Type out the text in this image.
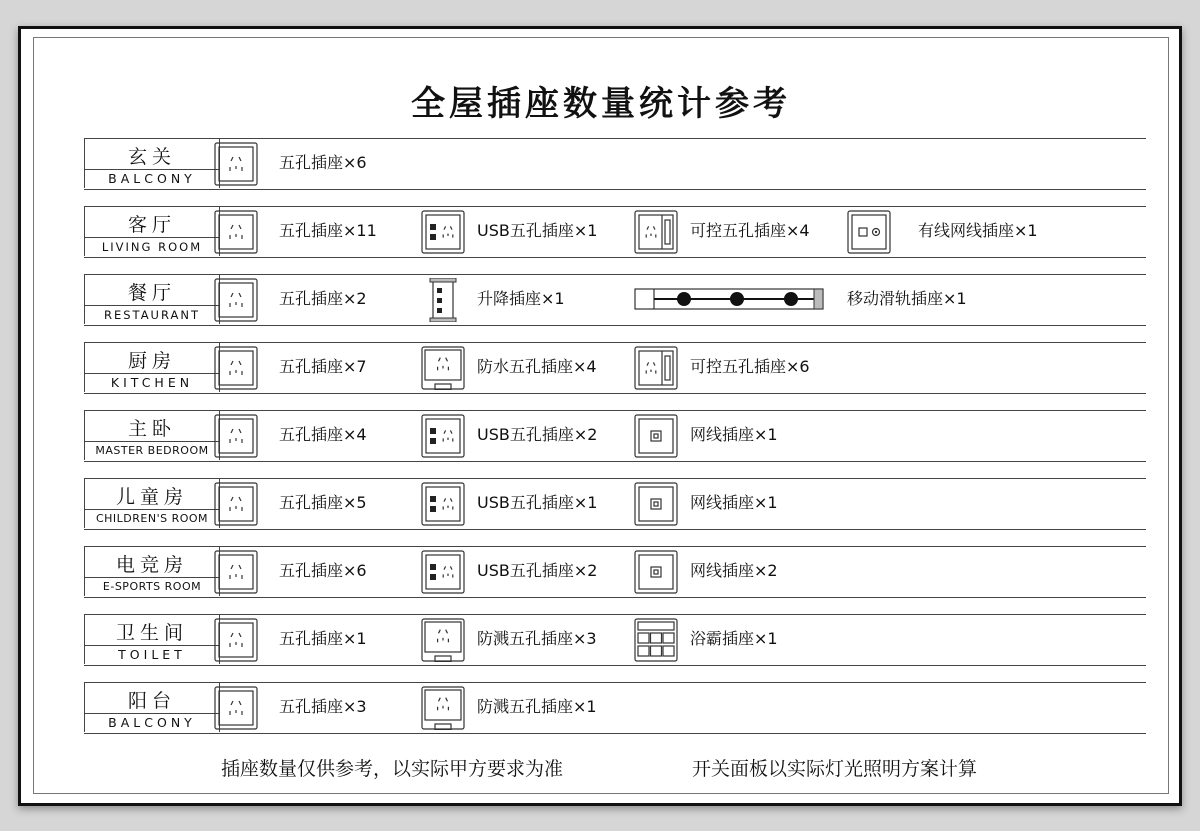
全屋插座数量统计参考
玄关
BALCONY
五孔插座×6
客厅
LIVING ROOM
五孔插座×11	USB五孔插座×1	可控五孔插座×4	有线网线插座×1
餐厅
RESTAURANT
五孔插座×2	升降插座×1	移动滑轨插座×1
厨房
KITCHEN
五孔插座×7	防水五孔插座×4	可控五孔插座×6
主卧
MASTER BEDROOM
五孔插座×4	USB五孔插座×2	网线插座×1
儿童房
CHILDREN'S ROOM
五孔插座×5	USB五孔插座×1	网线插座×1
电竞房
E-SPORTS ROOM
五孔插座×6	USB五孔插座×2	网线插座×2
卫生间
TOILET
五孔插座×1	防溅五孔插座×3	浴霸插座×1
阳台
BALCONY
五孔插座×3	防溅五孔插座×1
插座数量仅供参考，以实际甲方要求为准	开关面板以实际灯光照明方案计算
